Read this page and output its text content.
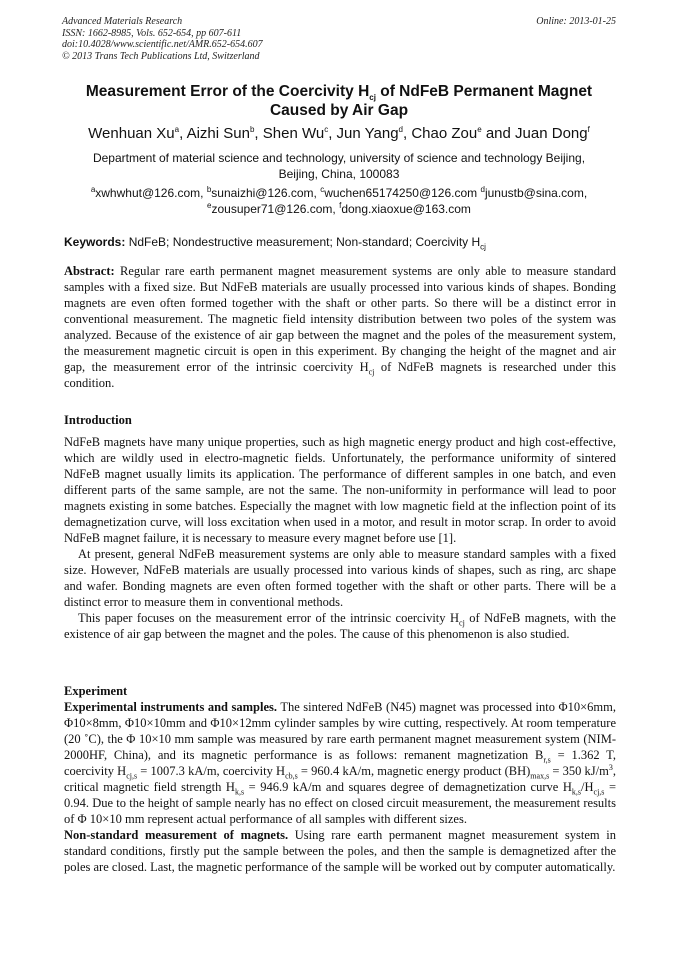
Advanced Materials Research
ISSN: 1662-8985, Vols. 652-654, pp 607-611
doi:10.4028/www.scientific.net/AMR.652-654.607
© 2013 Trans Tech Publications Ltd, Switzerland
Online: 2013-01-25
Measurement Error of the Coercivity $H_{cj}$ of NdFeB Permanent Magnet
Caused by Air Gap
Wenhuan Xu$^a$, Aizhi Sun$^b$, Shen Wu$^c$, Jun Yang$^d$, Chao Zou$^e$ and Juan Dong$^f$
Department of material science and technology, university of science and technology Beijing,
Beijing, China, 100083
$^a$xwhwhut@126.com, $^b$sunaizhi@126.com, $^c$wuchen65174250@126.com $^d$junustb@sina.com,
$^e$zousuper71@126.com, $^f$dong.xiaoxue@163.com
Keywords: NdFeB; Nondestructive measurement; Non-standard; Coercivity $H_{cj}$

Abstract: Regular rare earth permanent magnet measurement systems are only able to measure standard samples with a fixed size. But NdFeB materials are usually processed into various kinds of shapes. Bonding magnets are even often formed together with the shaft or other parts. So there will be a distinct error in conventional measurement. The magnetic field intensity distribution between two poles of the system was analyzed. Because of the existence of air gap between the magnet and the poles of the measurement system, the measurement magnetic circuit is open in this experiment. By changing the height of the magnet and air gap, the measurement error of the intrinsic coercivity $H_{cj}$ of NdFeB magnets is researched under this condition.

Introduction

NdFeB magnets have many unique properties, such as high magnetic energy product and high cost-effective, which are wildly used in electro-magnetic fields. Unfortunately, the performance uniformity of sintered NdFeB magnet usually limits its application. The performance of different samples in one batch, and even different parts of the same sample, are not the same. The non-uniformity in performance will lead to poor magnets existing in some batches. Especially the magnet with low magnetic field at the inflection point of its demagnetization curve, will loss excitation when used in a motor, and result in motor scrap. In order to avoid NdFeB magnet failure, it is necessary to measure every magnet before use [1].

At present, general NdFeB measurement systems are only able to measure standard samples with a fixed size. However, NdFeB materials are usually processed into various kinds of shapes, such as ring, arc shape and wafer. Bonding magnets are even often formed together with the shaft or other parts. There will be a distinct error to measure them in conventional methods.

This paper focuses on the measurement error of the intrinsic coercivity $H_{cj}$ of NdFeB magnets, with the existence of air gap between the magnet and the poles. The cause of this phenomenon is also studied.

Experiment

Experimental instruments and samples. The sintered NdFeB (N45) magnet was processed into Φ10×6mm, Φ10×8mm, Φ10×10mm and Φ10×12mm cylinder samples by wire cutting, respectively. At room temperature (20 ˚C), the Φ 10×10 mm sample was measured by rare earth permanent magnet measurement system (NIM-2000HF, China), and its magnetic performance is as follows: remanent magnetization $B_{r,s} = 1.362$ T, coercivity $H_{cj,s} = 1007.3$ kA/m, coercivity $H_{cb,s} = 960.4$ kA/m, magnetic energy product $(BH)_{max,s} = 350$ $kJ/m^3$, critical magnetic field strength $H_{k,s} = 946.9$ kA/m and squares degree of demagnetization curve $H_{k,s}/H_{cj,s} = 0.94$. Due to the height of sample nearly has no effect on closed circuit measurement, the measurement results of Φ 10×10 mm represent actual performance of all samples with different sizes.

Non-standard measurement of magnets. Using rare earth permanent magnet measurement system in standard conditions, firstly put the sample between the poles, and then the sample is demagnetized after the poles are closed. Last, the magnetic performance of the sample will be worked out by computer automatically.
